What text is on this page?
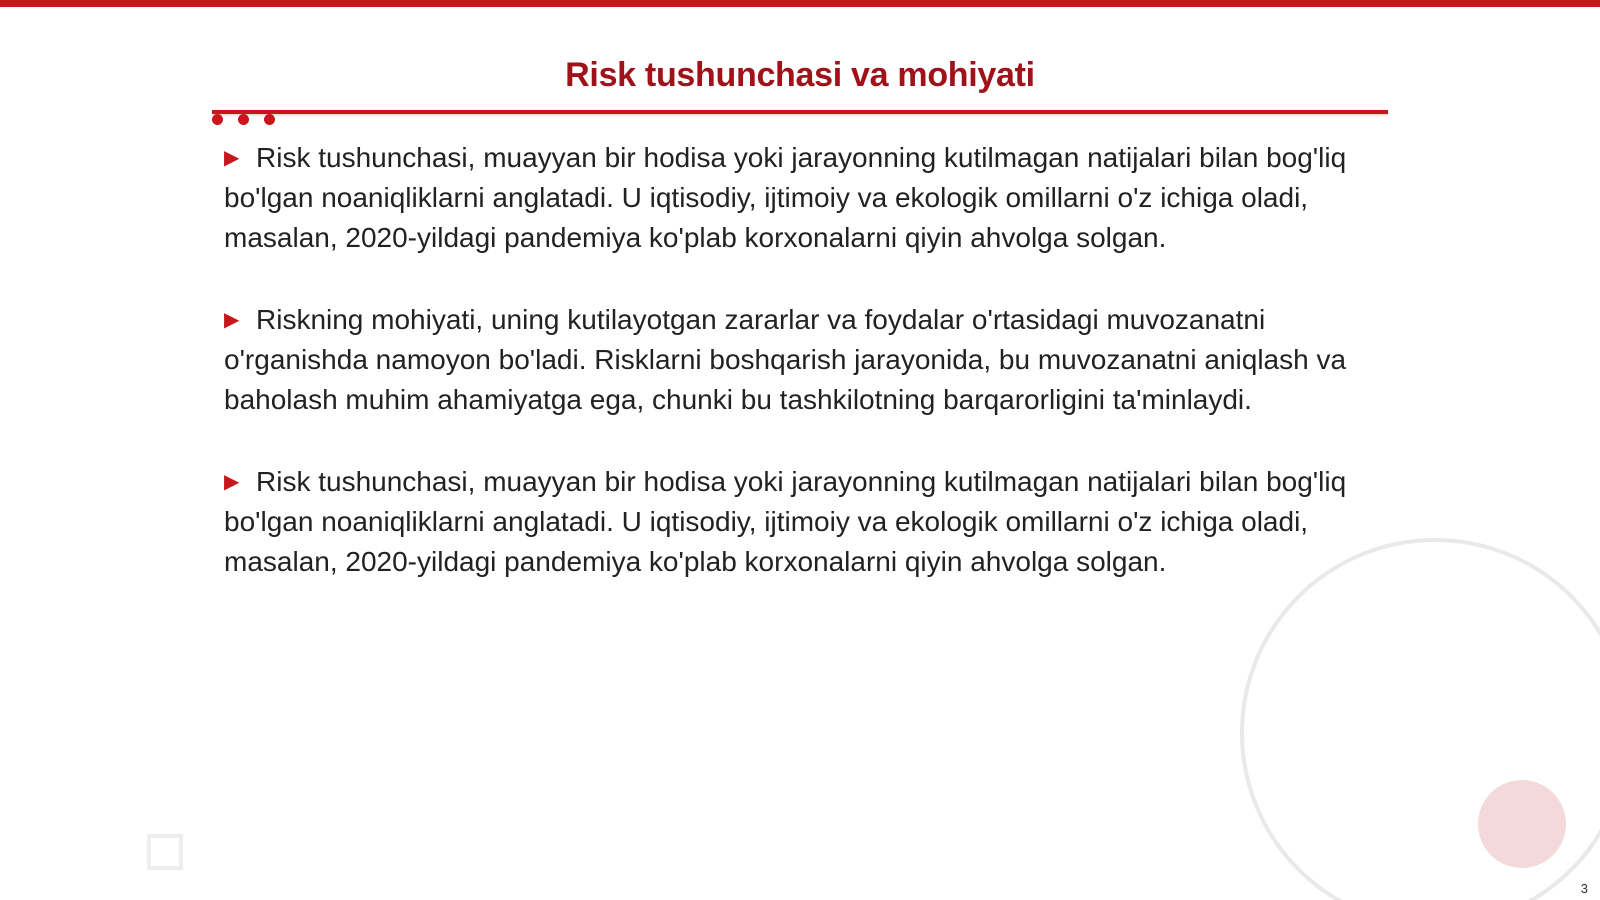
Risk tushunchasi va mohiyati

▶ Risk tushunchasi, muayyan bir hodisa yoki jarayonning kutilmagan natijalari bilan bog'liq bo'lgan noaniqliklarni anglatadi. U iqtisodiy, ijtimoiy va ekologik omillarni o'z ichiga oladi, masalan, 2020-yildagi pandemiya ko'plab korxonalarni qiyin ahvolga solgan.

▶ Riskning mohiyati, uning kutilayotgan zararlar va foydalar o'rtasidagi muvozanatni o'rganishda namoyon bo'ladi. Risklarni boshqarish jarayonida, bu muvozanatni aniqlash va baholash muhim ahamiyatga ega, chunki bu tashkilotning barqarorligini ta'minlaydi.

▶ Risk tushunchasi, muayyan bir hodisa yoki jarayonning kutilmagan natijalari bilan bog'liq bo'lgan noaniqliklarni anglatadi. U iqtisodiy, ijtimoiy va ekologik omillarni o'z ichiga oladi, masalan, 2020-yildagi pandemiya ko'plab korxonalarni qiyin ahvolga solgan.

3
